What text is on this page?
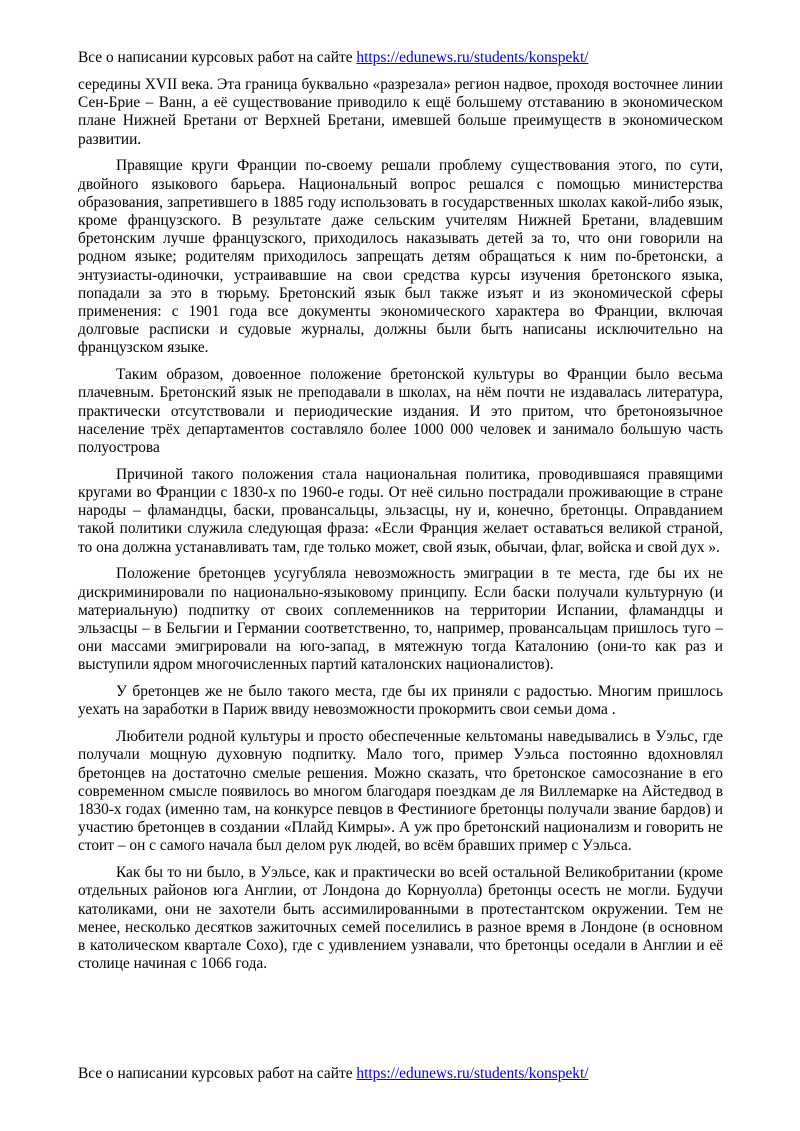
Все о написании курсовых работ на сайте https://edunews.ru/students/konspekt/

середины XVII века. Эта граница буквально «разрезала» регион надвое, проходя восточнее линии Сен-Брие – Ванн, а её существование приводило к ещё большему отставанию в экономическом плане Нижней Бретани от Верхней Бретани, имевшей больше преимуществ в экономическом развитии.

Правящие круги Франции по-своему решали проблему существования этого, по сути, двойного языкового барьера. Национальный вопрос решался с помощью министерства образования, запретившего в 1885 году использовать в государственных школах какой-либо язык, кроме французского. В результате даже сельским учителям Нижней Бретани, владевшим бретонским лучше французского, приходилось наказывать детей за то, что они говорили на родном языке; родителям приходилось запрещать детям обращаться к ним по-бретонски, а энтузиасты-одиночки, устраивавшие на свои средства курсы изучения бретонского языка, попадали за это в тюрьму. Бретонский язык был также изъят и из экономической сферы применения: с 1901 года все документы экономического характера во Франции, включая долговые расписки и судовые журналы, должны были быть написаны исключительно на французском языке.

Таким образом, довоенное положение бретонской культуры во Франции было весьма плачевным. Бретонский язык не преподавали в школах, на нём почти не издавалась литература, практически отсутствовали и периодические издания. И это притом, что бретоноязычное население трёх департаментов составляло более 1000 000 человек и занимало большую часть полуострова

Причиной такого положения стала национальная политика, проводившаяся правящими кругами во Франции с 1830-х по 1960-е годы. От неё сильно пострадали проживающие в стране народы – фламандцы, баски, провансальцы, эльзасцы, ну и, конечно, бретонцы. Оправданием такой политики служила следующая фраза: «Если Франция желает оставаться великой страной, то она должна устанавливать там, где только может, свой язык, обычаи, флаг, войска и свой дух ».

Положение бретонцев усугубляла невозможность эмиграции в те места, где бы их не дискриминировали по национально-языковому принципу. Если баски получали культурную (и материальную) подпитку от своих соплеменников на территории Испании, фламандцы и эльзасцы – в Бельгии и Германии соответственно, то, например, провансальцам пришлось туго – они массами эмигрировали на юго-запад, в мятежную тогда Каталонию (они-то как раз и выступили ядром многочисленных партий каталонских националистов).

У бретонцев же не было такого места, где бы их приняли с радостью. Многим пришлось уехать на заработки в Париж ввиду невозможности прокормить свои семьи дома .

Любители родной культуры и просто обеспеченные кельтоманы наведывались в Уэльс, где получали мощную духовную подпитку. Мало того, пример Уэльса постоянно вдохновлял бретонцев на достаточно смелые решения. Можно сказать, что бретонское самосознание в его современном смысле появилось во многом благодаря поездкам де ля Виллемарке на Айстедвод в 1830-х годах (именно там, на конкурсе певцов в Фестиниоге бретонцы получали звание бардов) и участию бретонцев в создании «Плайд Кимры». А уж про бретонский национализм и говорить не стоит – он с самого начала был делом рук людей, во всём бравших пример с Уэльса.

Как бы то ни было, в Уэльсе, как и практически во всей остальной Великобритании (кроме отдельных районов юга Англии, от Лондона до Корнуолла) бретонцы осесть не могли. Будучи католиками, они не захотели быть ассимилированными в протестантском окружении. Тем не менее, несколько десятков зажиточных семей поселились в разное время в Лондоне (в основном в католическом квартале Сохо), где с удивлением узнавали, что бретонцы оседали в Англии и её столице начиная с 1066 года.

Все о написании курсовых работ на сайте https://edunews.ru/students/konspekt/
